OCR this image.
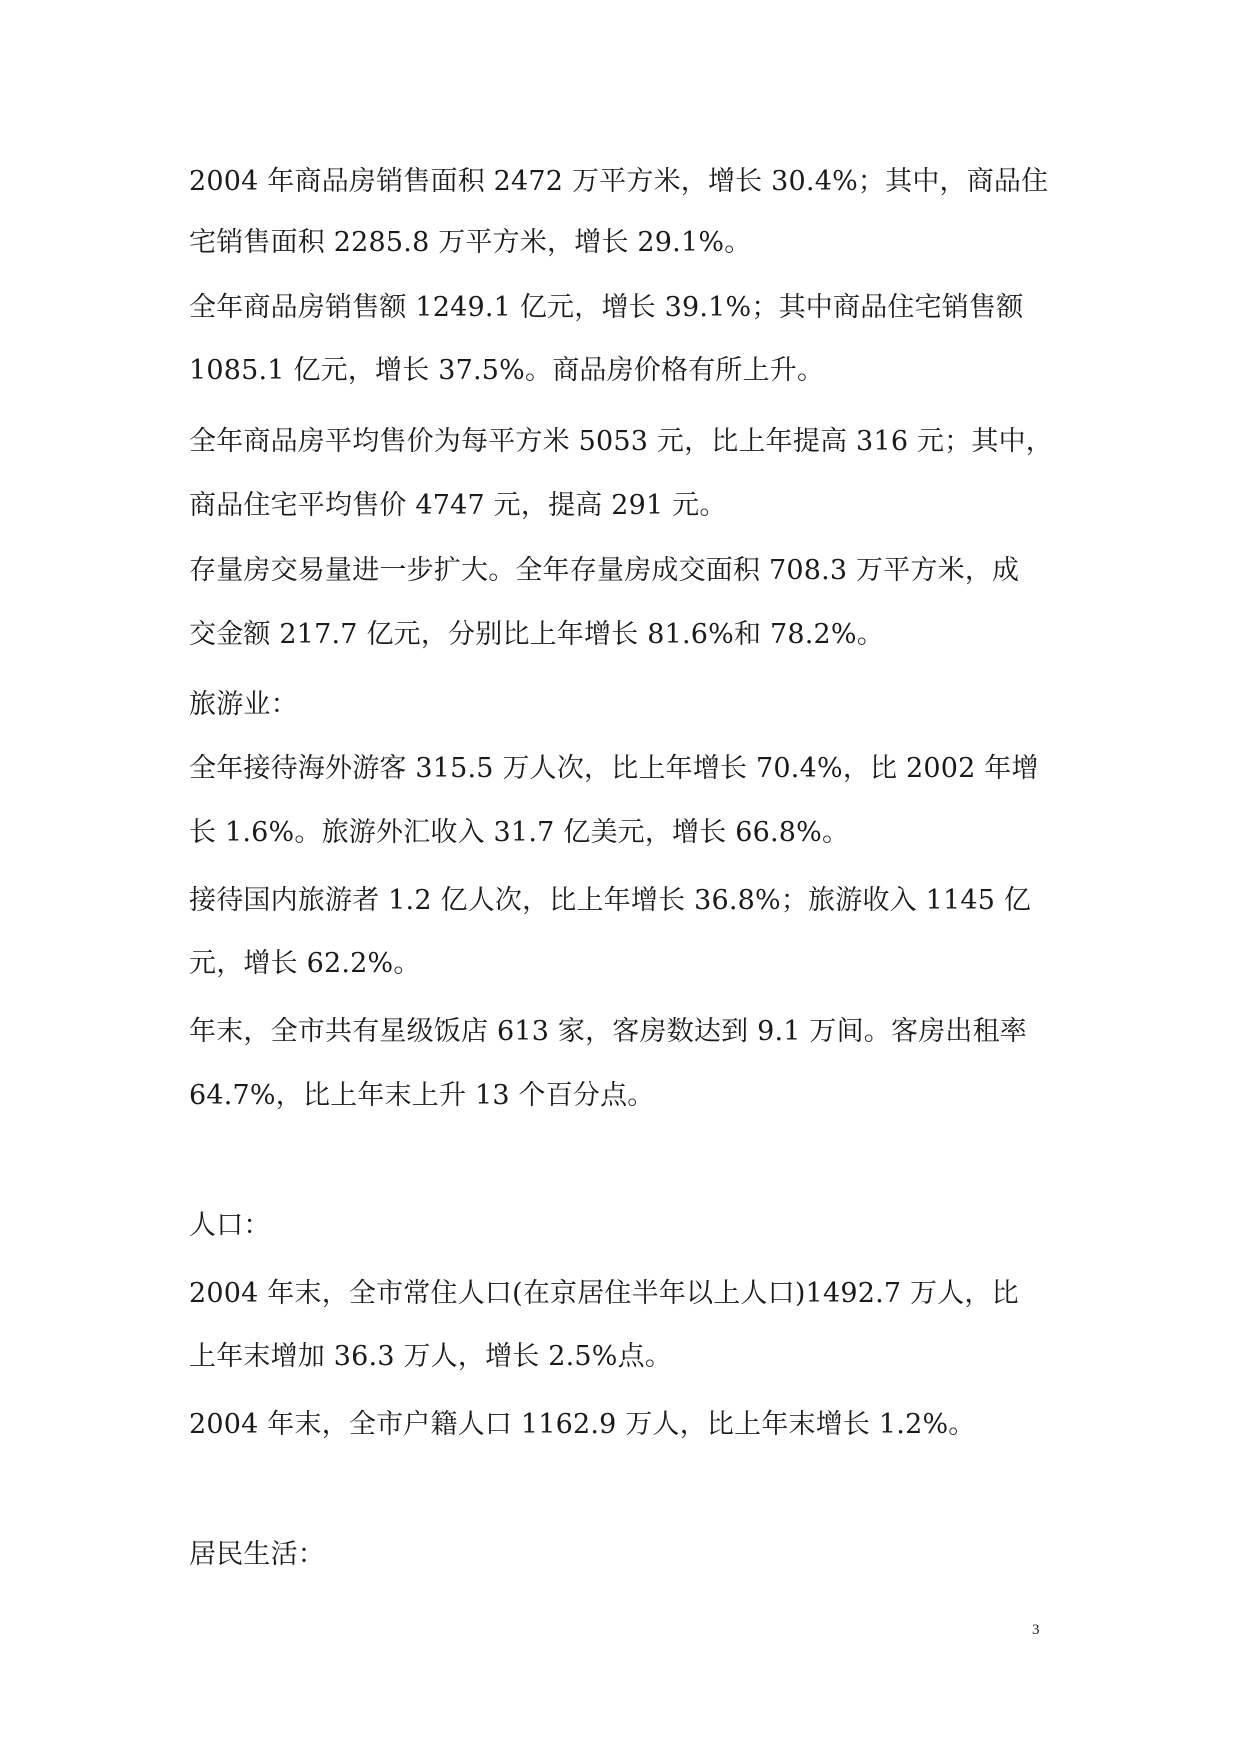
2004 年商品房销售面积 2472 万平方米，增长 30.4%；其中，商品住

宅销售面积 2285.8 万平方米，增长 29.1%。

全年商品房销售额 1249.1 亿元，增长 39.1%；其中商品住宅销售额

1085.1 亿元，增长 37.5%。商品房价格有所上升。

全年商品房平均售价为每平方米 5053 元，比上年提高 316 元；其中，

商品住宅平均售价 4747 元，提高 291 元。

存量房交易量进一步扩大。全年存量房成交面积 708.3 万平方米，成

交金额 217.7 亿元，分别比上年增长 81.6%和 78.2%。

旅游业：

全年接待海外游客 315.5 万人次，比上年增长 70.4%，比 2002 年增

长 1.6%。旅游外汇收入 31.7 亿美元，增长 66.8%。

接待国内旅游者 1.2 亿人次，比上年增长 36.8%；旅游收入 1145 亿

元，增长 62.2%。

年末，全市共有星级饭店 613 家，客房数达到 9.1 万间。客房出租率

64.7%，比上年末上升 13 个百分点。

人口：

2004 年末，全市常住人口(在京居住半年以上人口)1492.7 万人，比

上年末增加 36.3 万人，增长 2.5%点。

2004 年末，全市户籍人口 1162.9 万人，比上年末增长 1.2%。

居民生活：

3
